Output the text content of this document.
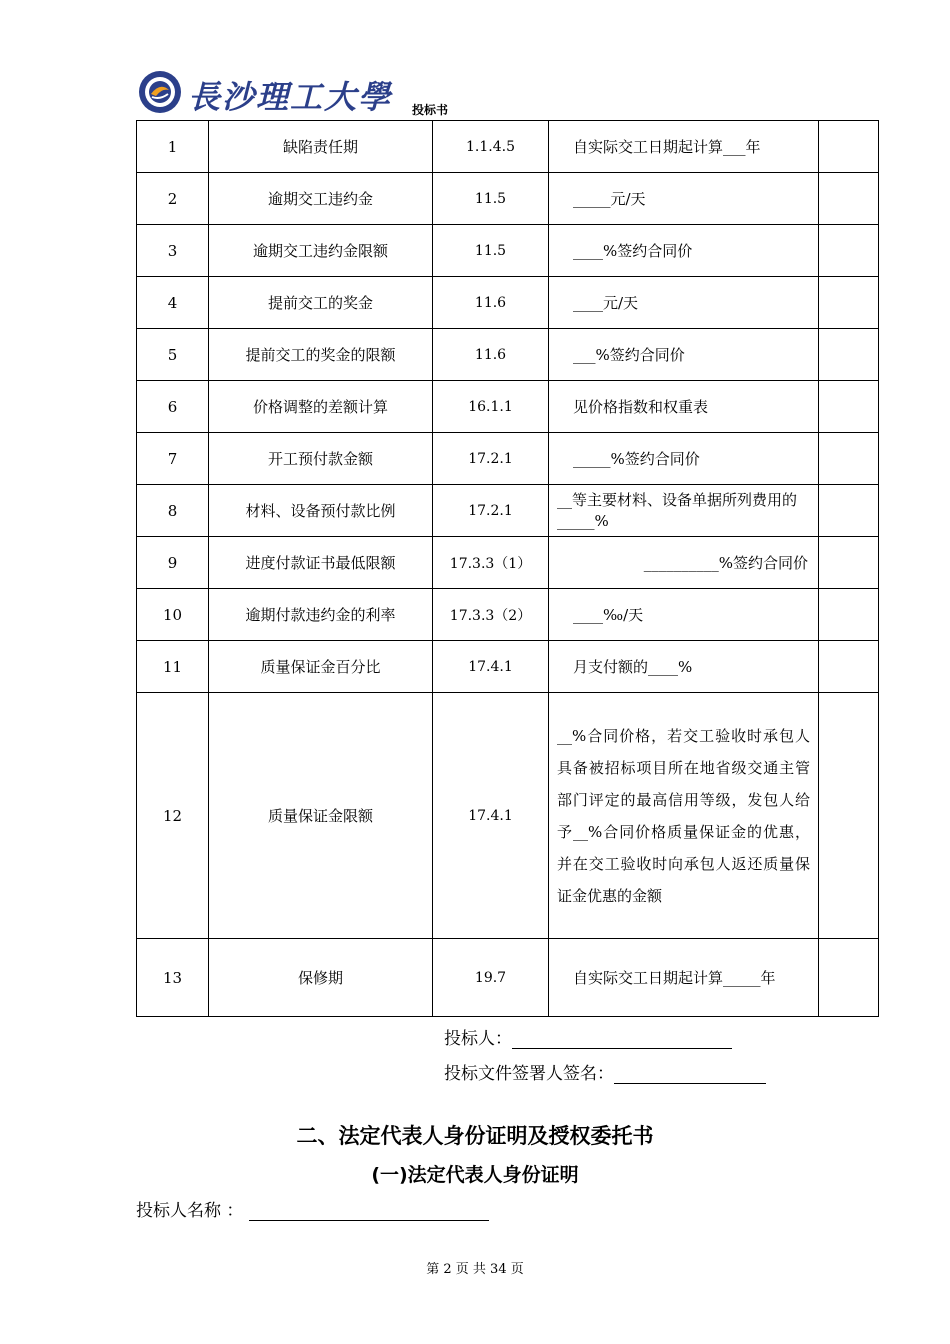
長沙理工大學 投标书
1	缺陷责任期	1.1.4.5	自实际交工日期起计算___年	
2	逾期交工违约金	11.5	_____元/天	
3	逾期交工违约金限额	11.5	____%签约合同价	
4	提前交工的奖金	11.6	____元/天	
5	提前交工的奖金的限额	11.6	___%签约合同价	
6	价格调整的差额计算	16.1.1	见价格指数和权重表	
7	开工预付款金额	17.2.1	_____%签约合同价	
8	材料、设备预付款比例	17.2.1	__等主要材料、设备单据所列费用的_____%	
9	进度付款证书最低限额	17.3.3（1）	__________%签约合同价	
10	逾期付款违约金的利率	17.3.3（2）	____‰/天	
11	质量保证金百分比	17.4.1	月支付额的____%	
12	质量保证金限额	17.4.1	__%合同价格，若交工验收时承包人具备被招标项目所在地省级交通主管部门评定的最高信用等级，发包人给予__%合同价格质量保证金的优惠，并在交工验收时向承包人返还质量保证金优惠的金额	
13	保修期	19.7	自实际交工日期起计算_____年	
投标人：
投标文件签署人签名：
二、法定代表人身份证明及授权委托书
(一)法定代表人身份证明
投标人名称 ：
第 2 页 共 34 页
